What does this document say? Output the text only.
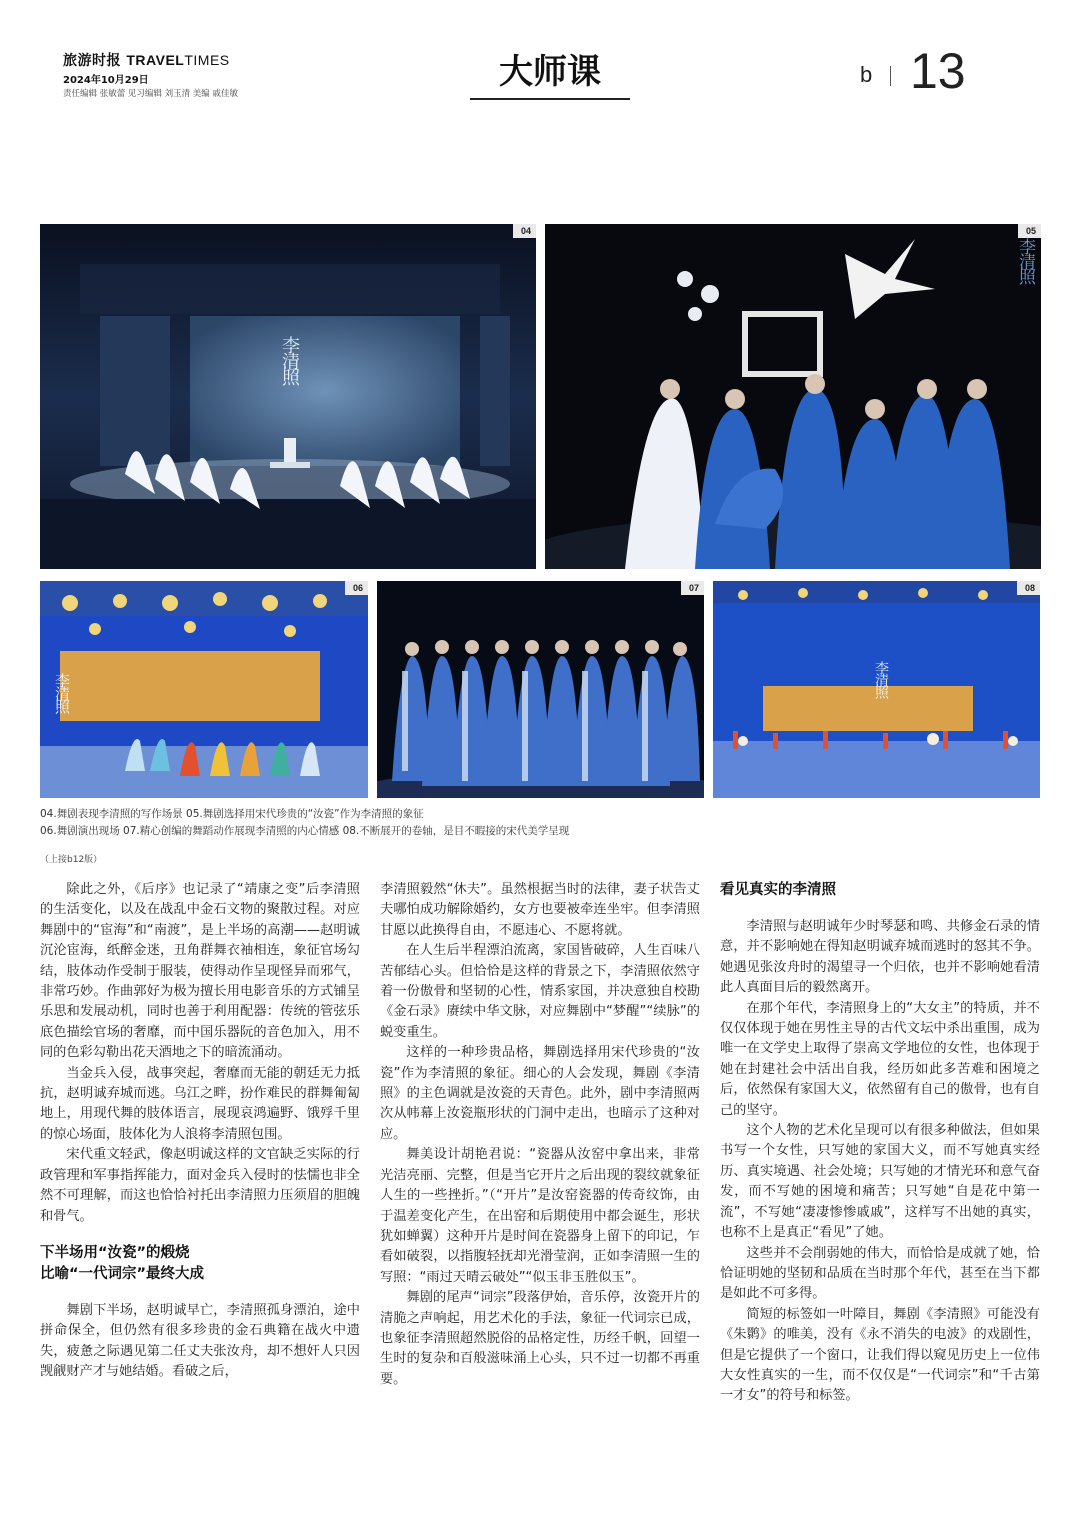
旅游时报 TRAVELTIMES
2024年10月29日
责任编辑 张敏蕾 见习编辑 刘玉清 美编 戚佳敏
大师课	b 13
04
李清照
05
李清照
06
李清照
07	08
李清照
04.舞剧表现李清照的写作场景 05.舞剧选择用宋代珍贵的“汝瓷”作为李清照的象征
06.舞剧演出现场 07.精心创编的舞蹈动作展现李清照的内心情感 08.不断展开的卷轴，是目不暇接的宋代美学呈现
（上接b12版）

除此之外，《后序》也记录了“靖康之变”后李清照的生活变化，以及在战乱中金石文物的聚散过程。对应舞剧中的“宦海”和“南渡”，是上半场的高潮——赵明诚沉沦宦海，纸醉金迷，丑角群舞衣袖相连，象征官场勾结，肢体动作受制于服装，使得动作呈现怪异而邪气，非常巧妙。作曲郭好为极为擅长用电影音乐的方式铺呈乐思和发展动机，同时也善于利用配器：传统的管弦乐底色描绘官场的奢靡，而中国乐器阮的音色加入，用不同的色彩勾勒出花天酒地之下的暗流涌动。

当金兵入侵，战事突起，奢靡而无能的朝廷无力抵抗，赵明诚弃城而逃。乌江之畔，扮作难民的群舞匍匐地上，用现代舞的肢体语言，展现哀鸿遍野、饿殍千里的惊心场面，肢体化为人浪将李清照包围。

宋代重文轻武，像赵明诚这样的文官缺乏实际的行政管理和军事指挥能力，面对金兵入侵时的怯懦也非全然不可理解，而这也恰恰衬托出李清照力压须眉的胆魄和骨气。

下半场用“汝瓷”的煅烧
比喻“一代词宗”最终大成

舞剧下半场，赵明诚早亡，李清照孤身漂泊，途中拼命保全，但仍然有很多珍贵的金石典籍在战火中遗失，疲惫之际遇见第二任丈夫张汝舟，却不想奸人只因觊觎财产才与她结婚。看破之后，

李清照毅然“休夫”。虽然根据当时的法律，妻子状告丈夫哪怕成功解除婚约，女方也要被牵连坐牢。但李清照甘愿以此换得自由，不愿违心、不愿将就。

在人生后半程漂泊流离，家国皆破碎，人生百味八苦郁结心头。但恰恰是这样的背景之下，李清照依然守着一份傲骨和坚韧的心性，情系家国，并决意独自校勘《金石录》赓续中华文脉，对应舞剧中“梦醒”“续脉”的蜕变重生。

这样的一种珍贵品格，舞剧选择用宋代珍贵的“汝瓷”作为李清照的象征。细心的人会发现，舞剧《李清照》的主色调就是汝瓷的天青色。此外，剧中李清照两次从帏幕上汝瓷瓶形状的门洞中走出，也暗示了这种对应。

舞美设计胡艳君说：“瓷器从汝窑中拿出来，非常光洁亮丽、完整，但是当它开片之后出现的裂纹就象征人生的一些挫折。”（“开片”是汝窑瓷器的传奇纹饰，由于温差变化产生，在出窑和后期使用中都会诞生，形状犹如蝉翼）这种开片是时间在瓷器身上留下的印记，乍看如破裂，以指腹轻抚却光滑莹润，正如李清照一生的写照：“雨过天晴云破处”“似玉非玉胜似玉”。

舞剧的尾声“词宗”段落伊始，音乐停，汝瓷开片的清脆之声响起，用艺术化的手法，象征一代词宗已成，也象征李清照超然脱俗的品格定性，历经千帆，回望一生时的复杂和百般滋味涌上心头，只不过一切都不再重要。

看见真实的李清照

李清照与赵明诚年少时琴瑟和鸣、共修金石录的情意，并不影响她在得知赵明诚弃城而逃时的怒其不争。她遇见张汝舟时的渴望寻一个归依，也并不影响她看清此人真面目后的毅然离开。

在那个年代，李清照身上的“大女主”的特质，并不仅仅体现于她在男性主导的古代文坛中杀出重围，成为唯一在文学史上取得了崇高文学地位的女性，也体现于她在封建社会中活出自我，经历如此多苦难和困境之后，依然保有家国大义，依然留有自己的傲骨，也有自己的坚守。

这个人物的艺术化呈现可以有很多种做法，但如果书写一个女性，只写她的家国大义，而不写她真实经历、真实境遇、社会处境；只写她的才情光环和意气奋发，而不写她的困境和痛苦；只写她“自是花中第一流”，不写她“凄凄惨惨戚戚”，这样写不出她的真实，也称不上是真正“看见”了她。

这些并不会削弱她的伟大，而恰恰是成就了她，恰恰证明她的坚韧和品质在当时那个年代，甚至在当下都是如此不可多得。

简短的标签如一叶障目，舞剧《李清照》可能没有《朱鹮》的唯美，没有《永不消失的电波》的戏剧性，但是它提供了一个窗口，让我们得以窥见历史上一位伟大女性真实的一生，而不仅仅是“一代词宗”和“千古第一才女”的符号和标签。
